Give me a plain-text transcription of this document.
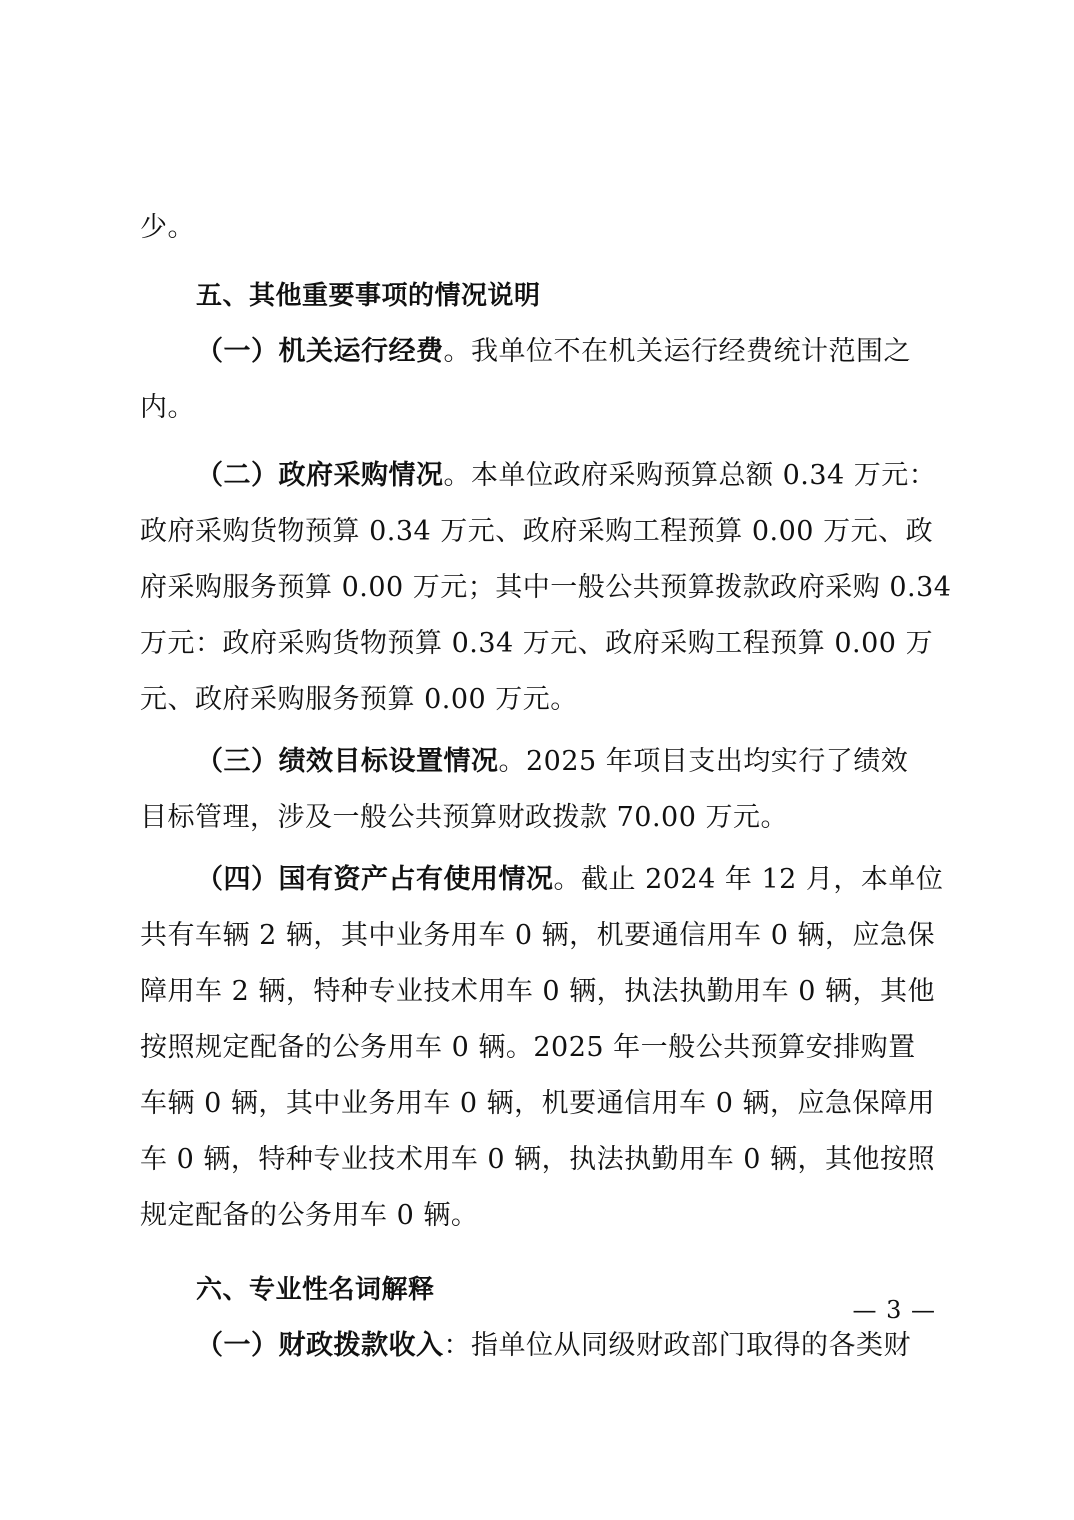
少。
五、其他重要事项的情况说明
（一）机关运行经费。我单位不在机关运行经费统计范围之
内。
（二）政府采购情况。本单位政府采购预算总额 0.34 万元：
政府采购货物预算 0.34 万元、政府采购工程预算 0.00 万元、政
府采购服务预算 0.00 万元；其中一般公共预算拨款政府采购 0.34
万元：政府采购货物预算 0.34 万元、政府采购工程预算 0.00 万
元、政府采购服务预算 0.00 万元。
（三）绩效目标设置情况。2025 年项目支出均实行了绩效
目标管理，涉及一般公共预算财政拨款 70.00 万元。
（四）国有资产占有使用情况。截止 2024 年 12 月，本单位
共有车辆 2 辆，其中业务用车 0 辆，机要通信用车 0 辆，应急保
障用车 2 辆，特种专业技术用车 0 辆，执法执勤用车 0 辆，其他
按照规定配备的公务用车 0 辆。2025 年一般公共预算安排购置
车辆 0 辆，其中业务用车 0 辆，机要通信用车 0 辆，应急保障用
车 0 辆，特种专业技术用车 0 辆，执法执勤用车 0 辆，其他按照
规定配备的公务用车 0 辆。
六、专业性名词解释
（一）财政拨款收入：指单位从同级财政部门取得的各类财
— 3 —
